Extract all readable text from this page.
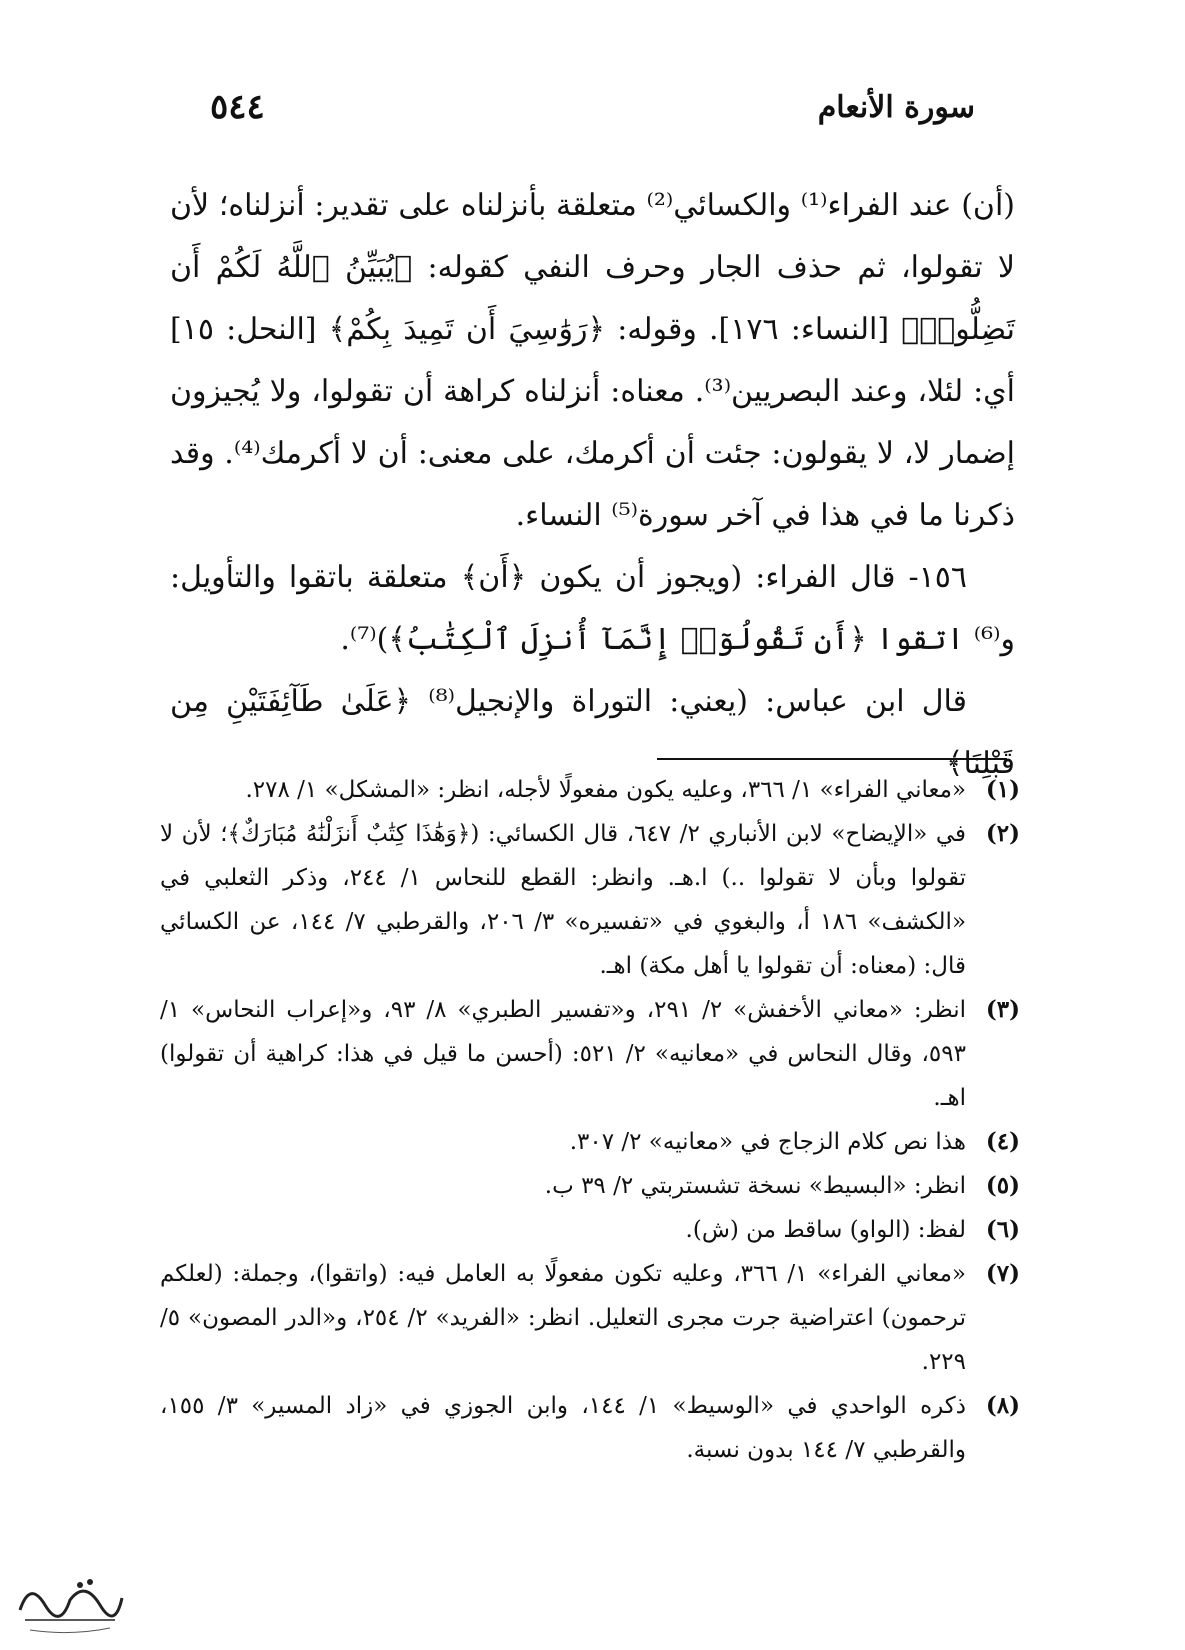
سورة الأنعام
٥٤٤

(أن) عند الفراء⁽¹⁾ والكسائي⁽²⁾ متعلقة بأنزلناه على تقدير: أنزلناه؛ لأن لا تقولوا، ثم حذف الجار وحرف النفي كقوله: ﴿يُبَيِّنُ ٱللَّهُ لَكُمْ أَن تَضِلُّوا۟﴾ [النساء: ١٧٦]. وقوله: ﴿رَوَٰسِيَ أَن تَمِيدَ بِكُمْ﴾ [النحل: ١٥] أي: لئلا، وعند البصريين⁽³⁾. معناه: أنزلناه كراهة أن تقولوا، ولا يُجيزون إضمار لا، لا يقولون: جئت أن أكرمك، على معنى: أن لا أكرمك⁽⁴⁾. وقد ذكرنا ما في هذا في آخر سورة⁽⁵⁾ النساء.

١٥٦- قال الفراء: (ويجوز أن يكون ﴿أَن﴾ متعلقة باتقوا والتأويل: و⁽⁶⁾ اتقوا ﴿أَن تَقُولُوٓا۟ إِنَّمَآ أُنزِلَ ٱلْكِتَٰبُ﴾)⁽⁷⁾.

قال ابن عباس: (يعني: التوراة والإنجيل⁽⁸⁾ ﴿عَلَىٰ طَآئِفَتَيْنِ مِن قَبْلِنَا﴾

(١)
«معاني الفراء» ١/ ٣٦٦، وعليه يكون مفعولًا لأجله، انظر: «المشكل» ١/ ٢٧٨.
(٢)
في «الإيضاح» لابن الأنباري ٢/ ٦٤٧، قال الكسائي: (﴿وَهَٰذَا كِتَٰبٌ أَنزَلْنَٰهُ مُبَارَكٌ﴾؛ لأن لا تقولوا وبأن لا تقولوا ..) ا.هـ. وانظر: القطع للنحاس ١/ ٢٤٤، وذكر الثعلبي في «الكشف» ١٨٦ أ، والبغوي في «تفسيره» ٣/ ٢٠٦، والقرطبي ٧/ ١٤٤، عن الكسائي قال: (معناه: أن تقولوا يا أهل مكة) اهـ.
(٣)
انظر: «معاني الأخفش» ٢/ ٢٩١، و«تفسير الطبري» ٨/ ٩٣، و«إعراب النحاس» ١/ ٥٩٣، وقال النحاس في «معانيه» ٢/ ٥٢١: (أحسن ما قيل في هذا: كراهية أن تقولوا) اهـ.
(٤)
هذا نص كلام الزجاج في «معانيه» ٢/ ٣٠٧.
(٥)
انظر: «البسيط» نسخة تشستربتي ٢/ ٣٩ ب.
(٦)
لفظ: (الواو) ساقط من (ش).
(٧)
«معاني الفراء» ١/ ٣٦٦، وعليه تكون مفعولًا به العامل فيه: (واتقوا)، وجملة: (لعلكم ترحمون) اعتراضية جرت مجرى التعليل. انظر: «الفريد» ٢/ ٢٥٤، و«الدر المصون» ٥/ ٢٢٩.
(٨)
ذكره الواحدي في «الوسيط» ١/ ١٤٤، وابن الجوزي في «زاد المسير» ٣/ ١٥٥، والقرطبي ٧/ ١٤٤ بدون نسبة.
